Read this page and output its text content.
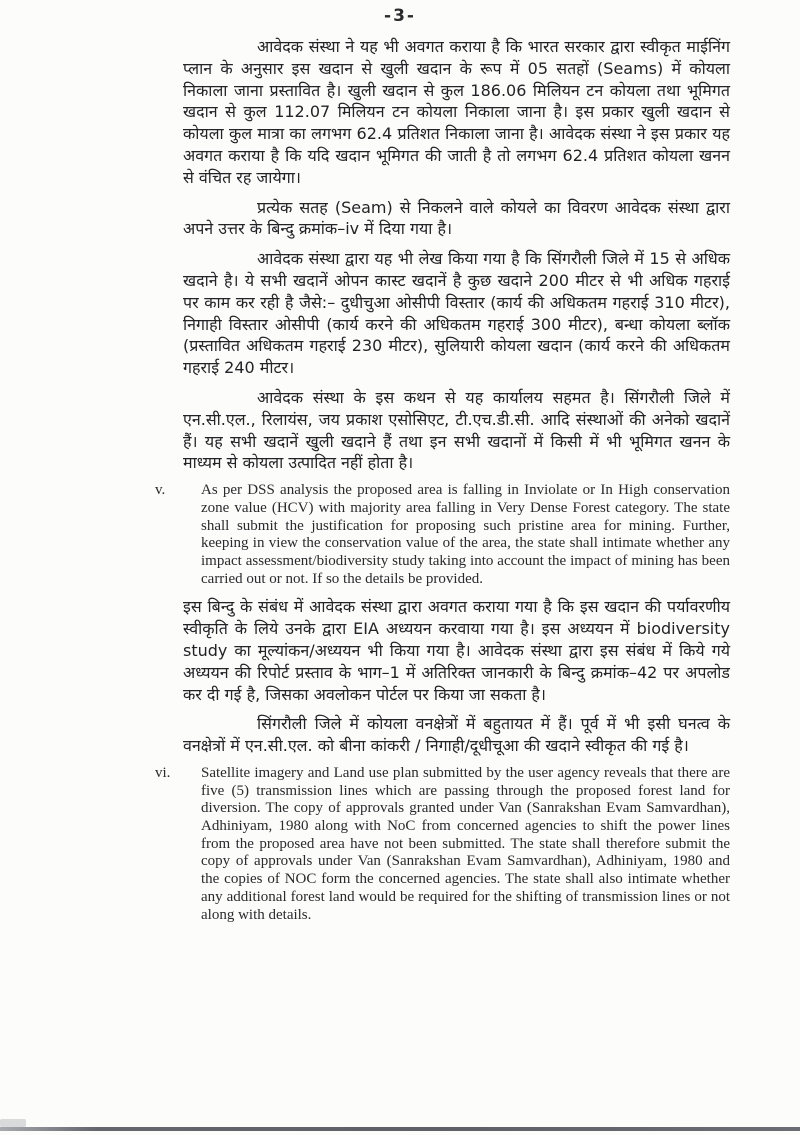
-3-

आवेदक संस्था ने यह भी अवगत कराया है कि भारत सरकार द्वारा स्वीकृत माईनिंग प्लान के अनुसार इस खदान से खुली खदान के रूप में 05 सतहों (Seams) में कोयला निकाला जाना प्रस्तावित है। खुली खदान से कुल 186.06 मिलियन टन कोयला तथा भूमिगत खदान से कुल 112.07 मिलियन टन कोयला निकाला जाना है। इस प्रकार खुली खदान से कोयला कुल मात्रा का लगभग 62.4 प्रतिशत निकाला जाना है। आवेदक संस्था ने इस प्रकार यह अवगत कराया है कि यदि खदान भूमिगत की जाती है तो लगभग 62.4 प्रतिशत कोयला खनन से वंचित रह जायेगा।

प्रत्येक सतह (Seam) से निकलने वाले कोयले का विवरण आवेदक संस्था द्वारा अपने उत्तर के बिन्दु क्रमांक–iv में दिया गया है।

आवेदक संस्था द्वारा यह भी लेख किया गया है कि सिंगरौली जिले में 15 से अधिक खदाने है। ये सभी खदानें ओपन कास्ट खदानें है कुछ खदाने 200 मीटर से भी अधिक गहराई पर काम कर रही है जैसे:– दुधीचुआ ओसीपी विस्तार (कार्य की अधिकतम गहराई 310 मीटर), निगाही विस्तार ओसीपी (कार्य करने की अधिकतम गहराई 300 मीटर), बन्धा कोयला ब्लॉक (प्रस्तावित अधिकतम गहराई 230 मीटर), सुलियारी कोयला खदान (कार्य करने की अधिकतम गहराई 240 मीटर।

आवेदक संस्था के इस कथन से यह कार्यालय सहमत है। सिंगरौली जिले में एन.सी.एल., रिलायंस, जय प्रकाश एसोसिएट, टी.एच.डी.सी. आदि संस्थाओं की अनेको खदानें हैं। यह सभी खदानें खुली खदाने हैं तथा इन सभी खदानों में किसी में भी भूमिगत खनन के माध्यम से कोयला उत्पादित नहीं होता है।

v.	As per DSS analysis the proposed area is falling in Inviolate or In High conservation zone value (HCV) with majority area falling in Very Dense Forest category. The state shall submit the justification for proposing such pristine area for mining. Further, keeping in view the conservation value of the area, the state shall intimate whether any impact assessment/biodiversity study taking into account the impact of mining has been carried out or not. If so the details be provided.

इस बिन्दु के संबंध में आवेदक संस्था द्वारा अवगत कराया गया है कि इस खदान की पर्यावरणीय स्वीकृति के लिये उनके द्वारा EIA अध्ययन करवाया गया है। इस अध्ययन में biodiversity study का मूल्यांकन/अध्ययन भी किया गया है। आवेदक संस्था द्वारा इस संबंध में किये गये अध्ययन की रिपोर्ट प्रस्ताव के भाग–1 में अतिरिक्त जानकारी के बिन्दु क्रमांक–42 पर अपलोड कर दी गई है, जिसका अवलोकन पोर्टल पर किया जा सकता है।

सिंगरौली जिले में कोयला वनक्षेत्रों में बहुतायत में हैं। पूर्व में भी इसी घनत्व के वनक्षेत्रों में एन.सी.एल. को बीना कांकरी / निगाही/दूधीचूआ की खदाने स्वीकृत की गई है।

vi.	Satellite imagery and Land use plan submitted by the user agency reveals that there are five (5) transmission lines which are passing through the proposed forest land for diversion. The copy of approvals granted under Van (Sanrakshan Evam Samvardhan), Adhiniyam, 1980 along with NoC from concerned agencies to shift the power lines from the proposed area have not been submitted. The state shall therefore submit the copy of approvals under Van (Sanrakshan Evam Samvardhan), Adhiniyam, 1980 and the copies of NOC form the concerned agencies. The state shall also intimate whether any additional forest land would be required for the shifting of transmission lines or not along with details.
